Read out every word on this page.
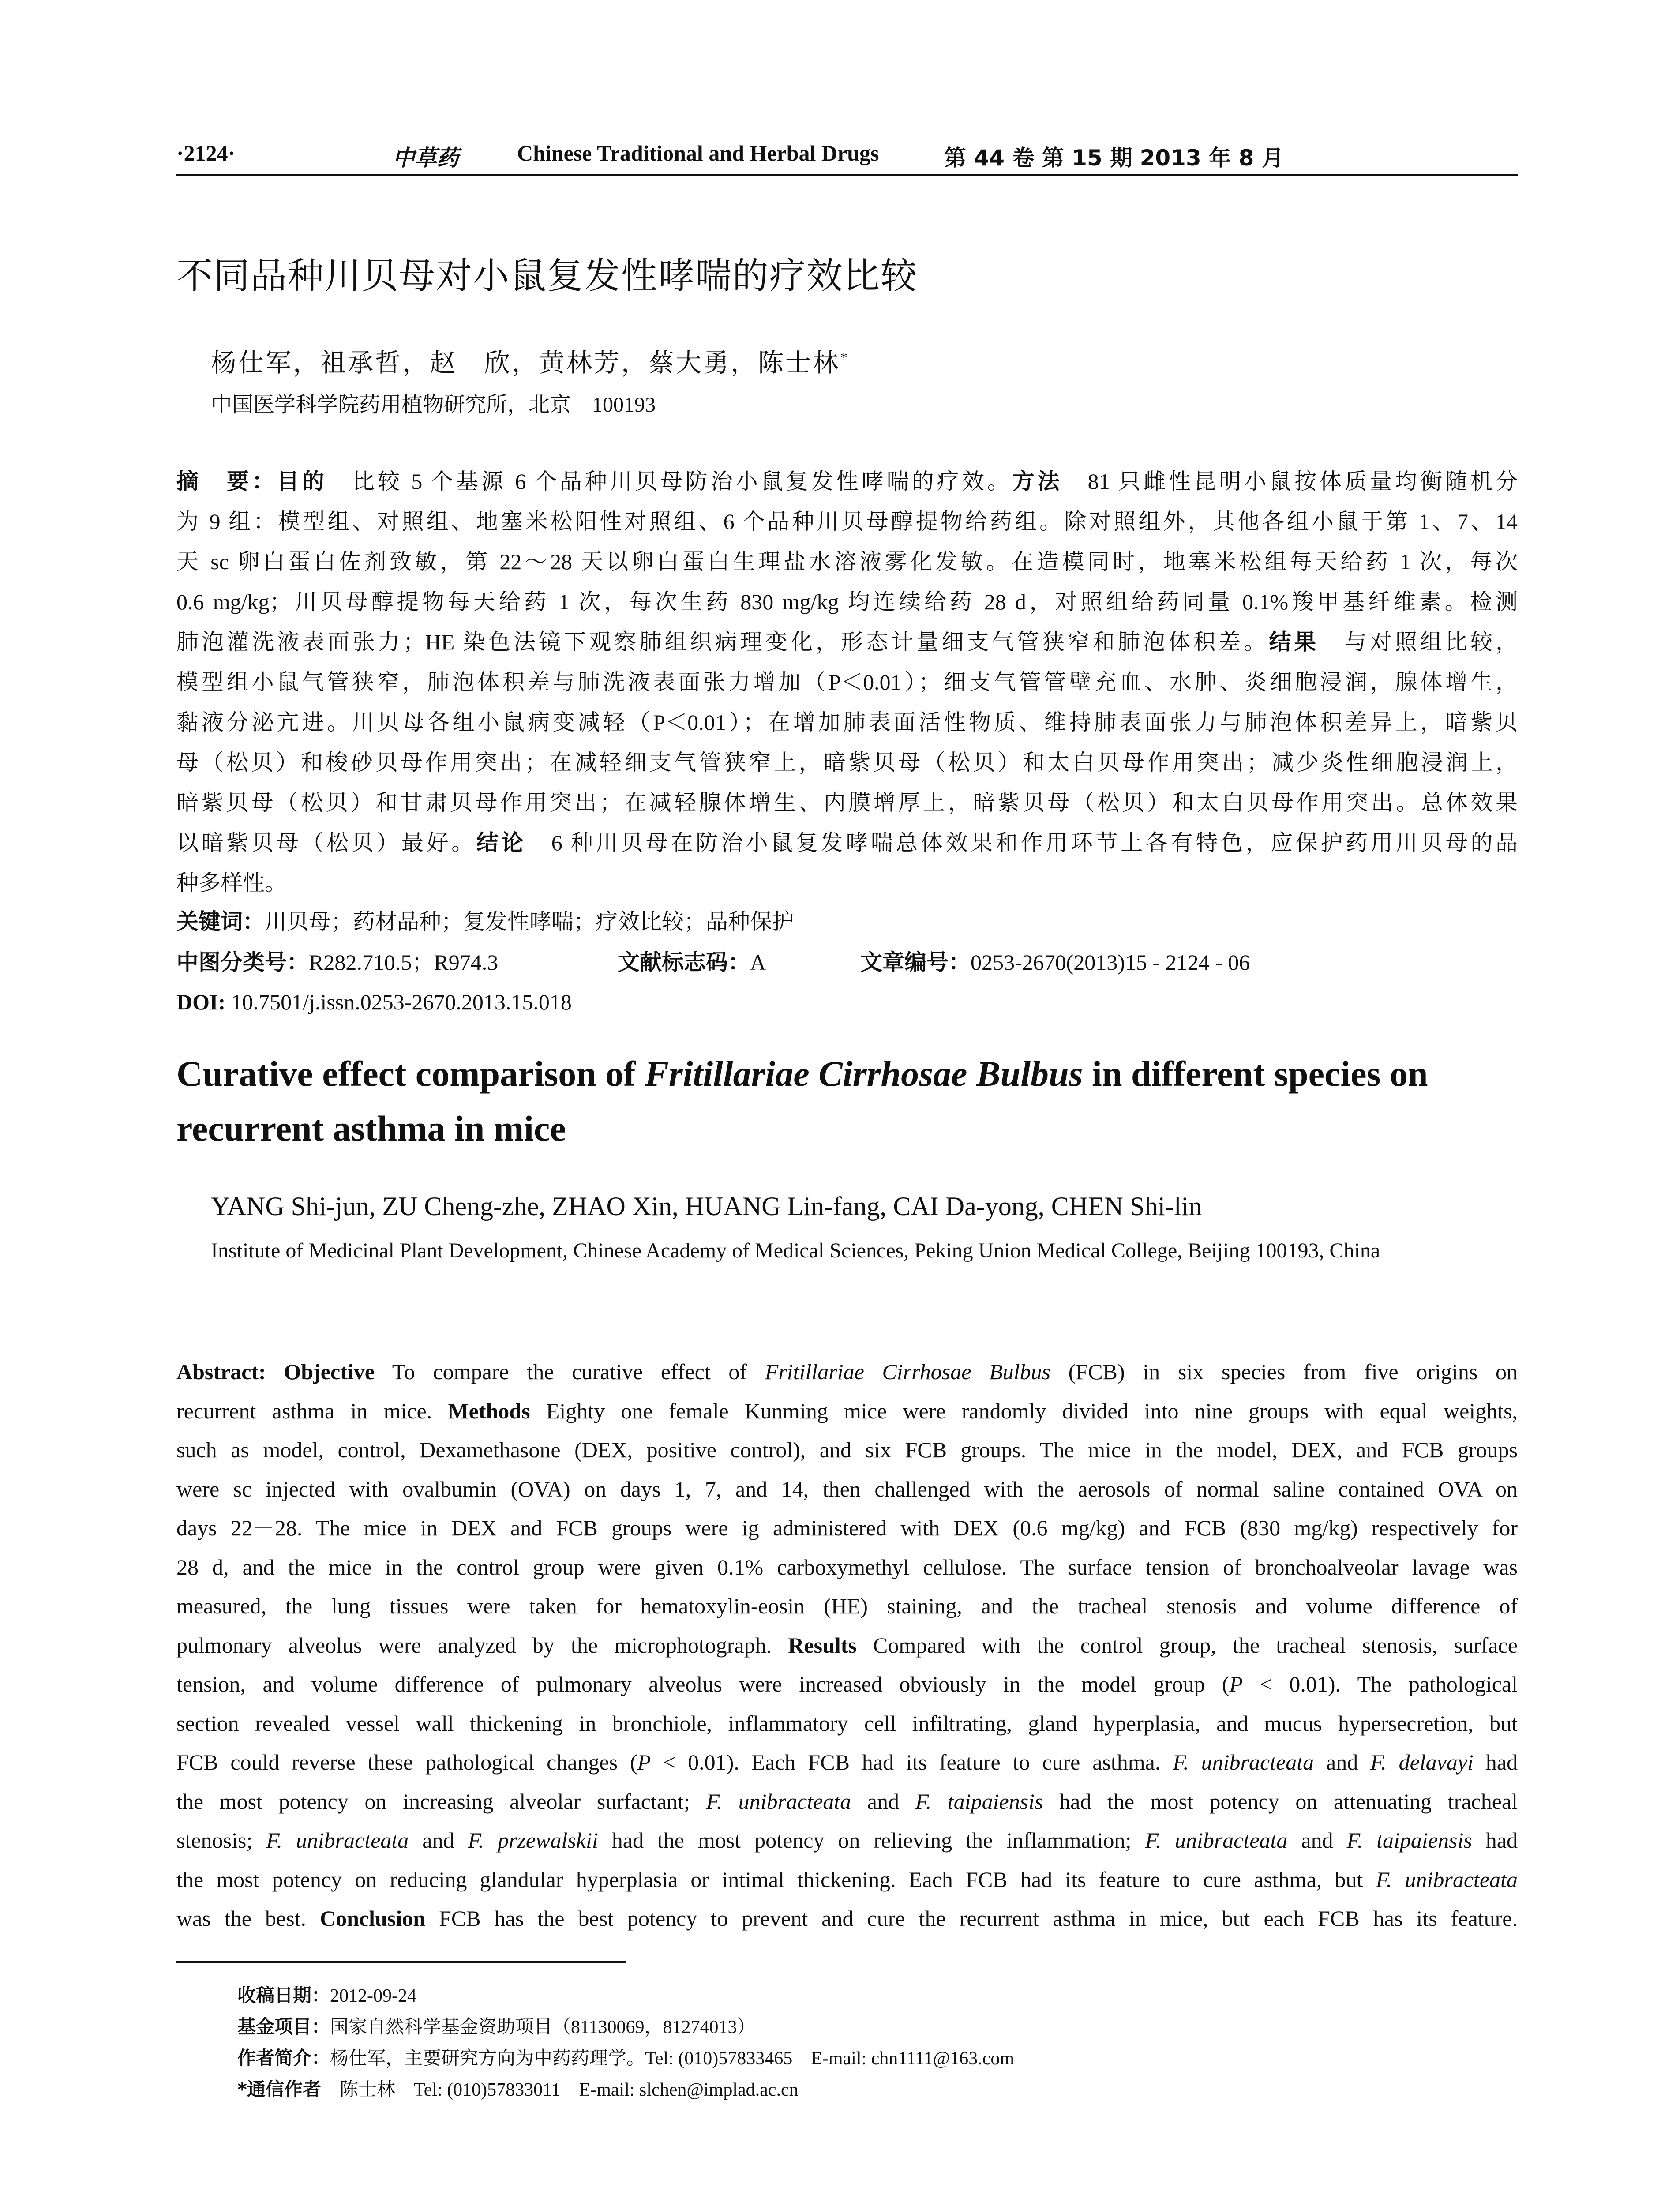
·2124·	中草药	Chinese Traditional and Herbal Drugs	第 44 卷 第 15 期 2013 年 8 月
不同品种川贝母对小鼠复发性哮喘的疗效比较
杨仕军，祖承哲，赵　欣，黄林芳，蔡大勇，陈士林*
中国医学科学院药用植物研究所，北京　100193
摘　要：目的　比较 5 个基源 6 个品种川贝母防治小鼠复发性哮喘的疗效。方法　81 只雌性昆明小鼠按体质量均衡随机分
为 9 组：模型组、对照组、地塞米松阳性对照组、6 个品种川贝母醇提物给药组。除对照组外，其他各组小鼠于第 1、7、14
天 sc 卵白蛋白佐剂致敏，第 22～28 天以卵白蛋白生理盐水溶液雾化发敏。在造模同时，地塞米松组每天给药 1 次，每次
0.6 mg/kg；川贝母醇提物每天给药 1 次，每次生药 830 mg/kg 均连续给药 28 d，对照组给药同量 0.1%羧甲基纤维素。检测
肺泡灌洗液表面张力；HE 染色法镜下观察肺组织病理变化，形态计量细支气管狭窄和肺泡体积差。结果　与对照组比较，
模型组小鼠气管狭窄，肺泡体积差与肺洗液表面张力增加（P＜0.01）；细支气管管壁充血、水肿、炎细胞浸润，腺体增生，
黏液分泌亢进。川贝母各组小鼠病变减轻（P＜0.01）；在增加肺表面活性物质、维持肺表面张力与肺泡体积差异上，暗紫贝
母（松贝）和梭砂贝母作用突出；在减轻细支气管狭窄上，暗紫贝母（松贝）和太白贝母作用突出；减少炎性细胞浸润上，
暗紫贝母（松贝）和甘肃贝母作用突出；在减轻腺体增生、内膜增厚上，暗紫贝母（松贝）和太白贝母作用突出。总体效果
以暗紫贝母（松贝）最好。结论　6 种川贝母在防治小鼠复发哮喘总体效果和作用环节上各有特色，应保护药用川贝母的品
种多样性。
关键词：川贝母；药材品种；复发性哮喘；疗效比较；品种保护
中图分类号：R282.710.5；R974.3	文献标志码：A	文章编号：0253-2670(2013)15 - 2124 - 06
DOI: 10.7501/j.issn.0253-2670.2013.15.018
Curative effect comparison of Fritillariae Cirrhosae Bulbus in different species on recurrent asthma in mice
YANG Shi-jun, ZU Cheng-zhe, ZHAO Xin, HUANG Lin-fang, CAI Da-yong, CHEN Shi-lin
Institute of Medicinal Plant Development, Chinese Academy of Medical Sciences, Peking Union Medical College, Beijing 100193, China
Abstract: Objective To compare the curative effect of Fritillariae Cirrhosae Bulbus (FCB) in six species from five origins on
recurrent asthma in mice. Methods Eighty one female Kunming mice were randomly divided into nine groups with equal weights,
such as model, control, Dexamethasone (DEX, positive control), and six FCB groups. The mice in the model, DEX, and FCB groups
were sc injected with ovalbumin (OVA) on days 1, 7, and 14, then challenged with the aerosols of normal saline contained OVA on
days 22－28. The mice in DEX and FCB groups were ig administered with DEX (0.6 mg/kg) and FCB (830 mg/kg) respectively for
28 d, and the mice in the control group were given 0.1% carboxymethyl cellulose. The surface tension of bronchoalveolar lavage was
measured, the lung tissues were taken for hematoxylin-eosin (HE) staining, and the tracheal stenosis and volume difference of
pulmonary alveolus were analyzed by the microphotograph. Results Compared with the control group, the tracheal stenosis, surface
tension, and volume difference of pulmonary alveolus were increased obviously in the model group (P < 0.01). The pathological
section revealed vessel wall thickening in bronchiole, inflammatory cell infiltrating, gland hyperplasia, and mucus hypersecretion, but
FCB could reverse these pathological changes (P < 0.01). Each FCB had its feature to cure asthma. F. unibracteata and F. delavayi had
the most potency on increasing alveolar surfactant; F. unibracteata and F. taipaiensis had the most potency on attenuating tracheal
stenosis; F. unibracteata and F. przewalskii had the most potency on relieving the inflammation; F. unibracteata and F. taipaiensis had
the most potency on reducing glandular hyperplasia or intimal thickening. Each FCB had its feature to cure asthma, but F. unibracteata
was the best. Conclusion FCB has the best potency to prevent and cure the recurrent asthma in mice, but each FCB has its feature.
收稿日期：2012-09-24
基金项目：国家自然科学基金资助项目（81130069，81274013）
作者简介：杨仕军，主要研究方向为中药药理学。Tel: (010)57833465　E-mail: chn1111@163.com
*通信作者　陈士林　Tel: (010)57833011　E-mail: slchen@implad.ac.cn
